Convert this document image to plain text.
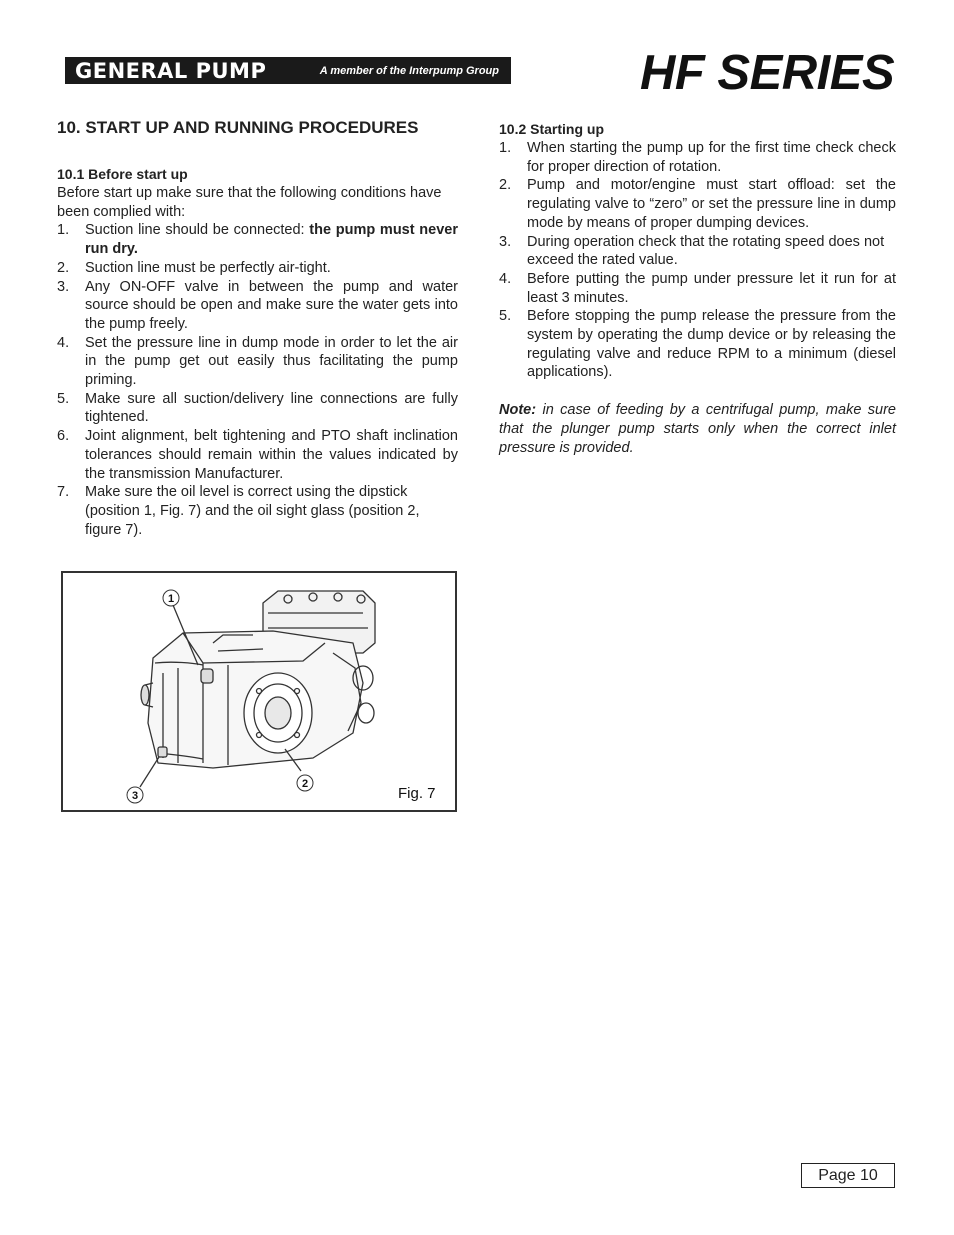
GENERAL PUMP	A member of the Interpump Group	HF SERIES
10. START UP AND RUNNING PROCEDURES
10.1 Before start up

Before start up make sure that the following conditions have been complied with:

1. Suction line should be connected: the pump must never run dry.
2. Suction line must be perfectly air-tight.
3. Any ON-OFF valve in between the pump and water source should be open and make sure the water gets into the pump freely.
4. Set the pressure line in dump mode in order to let the air in the pump get out easily thus facilitating the pump priming.
5. Make sure all suction/delivery line connections are fully tightened.
6. Joint alignment, belt tightening and PTO shaft inclination tolerances should remain within the values indicated by the transmission Manufacturer.
7. Make sure the oil level is correct using the dipstick (position 1, Fig. 7) and the oil sight glass (position 2, figure 7).
10.2 Starting up
1. When starting the pump up for the first time check check for proper direction of rotation.
2. Pump and motor/engine must start offload: set the regulating valve to “zero” or set the pressure line in dump mode by means of proper dumping devices.
3. During operation check that the rotating speed does not exceed the rated value.
4. Before putting the pump under pressure let it run for at least 3 minutes.
5. Before stopping the pump release the pressure from the system by operating the dump device or by releasing the regulating valve and reduce RPM to a minimum (diesel applications).

Note: in case of feeding by a centrifugal pump, make sure that the plunger pump starts only when the correct inlet pressure is provided.

1
2
3	Fig. 7
Page 10
